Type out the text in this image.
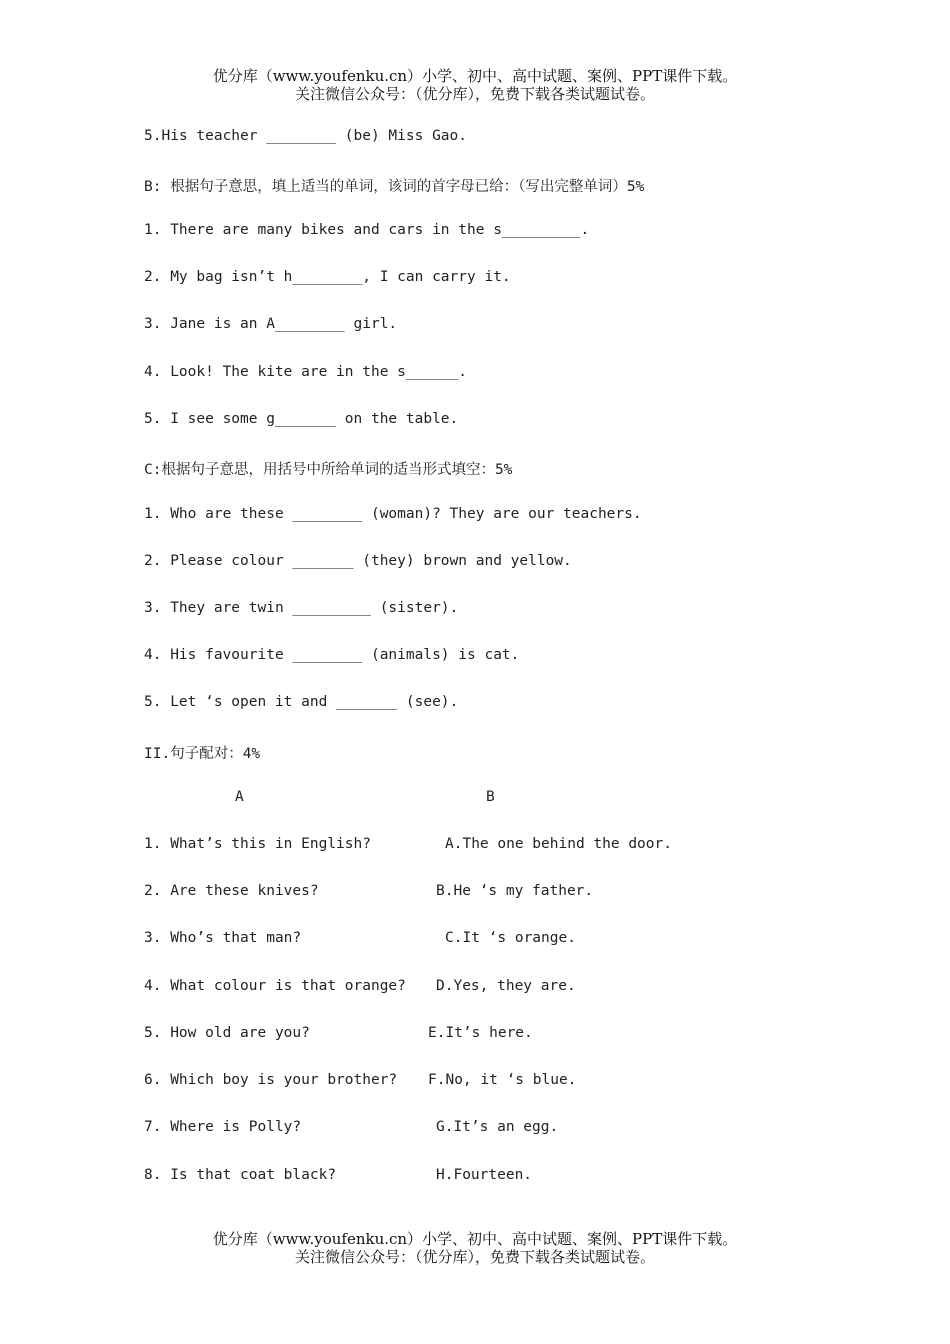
优分库（www.youfenku.cn）小学、初中、高中试题、案例、PPT课件下载。
关注微信公众号：（优分库），免费下载各类试题试卷。
5.His teacher ________ (be) Miss Gao.
B: 根据句子意思，填上适当的单词，该词的首字母已给：（写出完整单词）5%
1. There are many bikes and cars in the s_________.
2. My bag isn’t h________, I can carry it.
3. Jane is an A________ girl.
4. Look! The kite are in the s______.
5. I see some g_______ on the table.
C:根据句子意思，用括号中所给单词的适当形式填空：5%
1. Who are these ________ (woman)? They are our teachers.
2. Please colour _______ (they) brown and yellow.
3. They are twin _________ (sister).
4. His favourite ________ (animals) is cat.
5. Let ‘s open it and _______ (see).
II.句子配对：4%
A	B
1. What’s this in English?	A.The one behind the door.
2. Are these knives?	B.He ‘s my father.
3. Who’s that man?	C.It ‘s orange.
4. What colour is that orange? D.Yes, they are.
5. How old are you?	E.It’s here.
6. Which boy is your brother? F.No, it ‘s blue.
7. Where is Polly?	G.It’s an egg.
8. Is that coat black?	H.Fourteen.
优分库（www.youfenku.cn）小学、初中、高中试题、案例、PPT课件下载。
关注微信公众号：（优分库），免费下载各类试题试卷。
